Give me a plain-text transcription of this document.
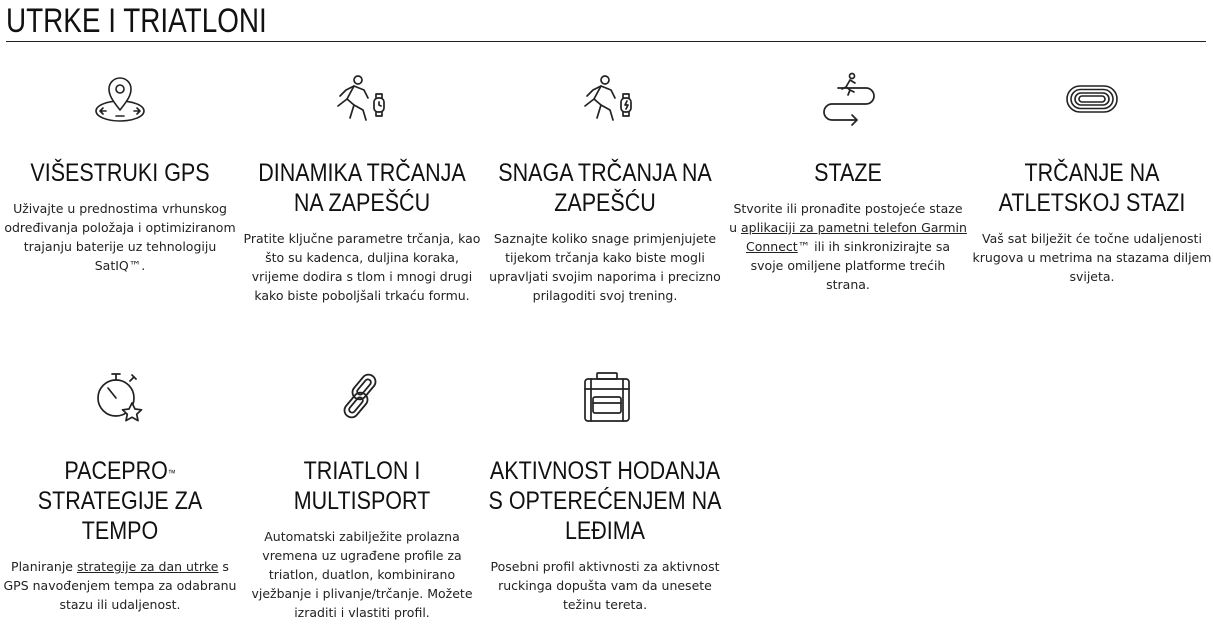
UTRKE I TRIATLONI
VIŠESTRUKI GPS
Uživajte u prednostima vrhunskog određivanja položaja i optimiziranom trajanju baterije uz tehnologiju SatIQ™.
DINAMIKA TRČANJA NA ZAPEŠĆU
Pratite ključne parametre trčanja, kao što su kadenca, duljina koraka, vrijeme dodira s tlom i mnogi drugi kako biste poboljšali trkaću formu.
SNAGA TRČANJA NA ZAPEŠĆU
Saznajte koliko snage primjenjujete tijekom trčanja kako biste mogli upravljati svojim naporima i precizno prilagoditi svoj trening.
STAZE
Stvorite ili pronađite postojeće staze u aplikaciji za pametni telefon Garmin Connect™ ili ih sinkronizirajte sa svoje omiljene platforme trećih strana.
TRČANJE NA ATLETSKOJ STAZI
Vaš sat bilježit će točne udaljenosti krugova u metrima na stazama diljem svijeta.
PACEPRO™ STRATEGIJE ZA TEMPO
Planiranje strategije za dan utrke s GPS navođenjem tempa za odabranu stazu ili udaljenost.
TRIATLON I MULTISPORT
Automatski zabilježite prolazna vremena uz ugrađene profile za triatlon, duatlon, kombinirano vježbanje i plivanje/trčanje. Možete izraditi i vlastiti profil.
AKTIVNOST HODANJA S OPTEREĆENJEM NA LEĐIMA
Posebni profil aktivnosti za aktivnost ruckinga dopušta vam da unesete težinu tereta.
